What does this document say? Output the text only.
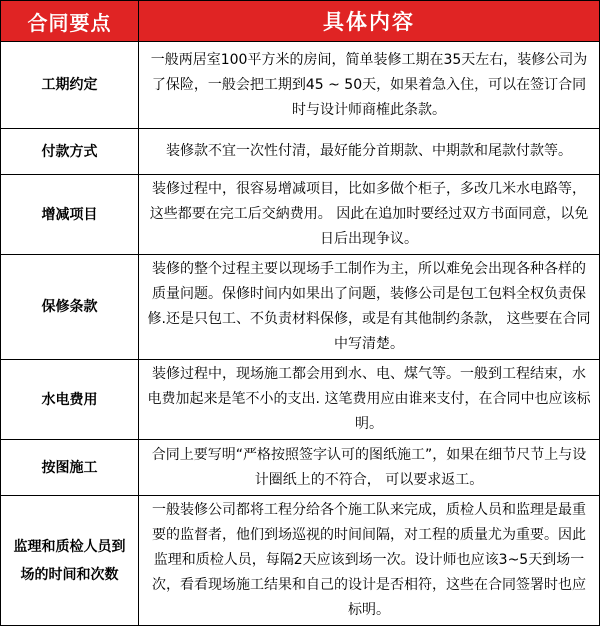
合同要点	具体内容
工期约定	一般两居室100平方米的房间，简单装修工期在35天左右，装修公司为了保险，一般会把工期到45 ~ 50天，如果着急入住，可以在签订合同时与设计师商榷此条款。
付款方式	装修款不宜一次性付清，最好能分首期款、中期款和尾款付款等。
增减项目	装修过程中，很容易增减项目，比如多做个柜子，多改几米水电路等，这些都要在完工后交納费用。 因此在追加时要经过双方书面同意，以免日后出现争议。
保修条款	装修的整个过程主要以现场手工制作为主，所以难免会出现各种各样的质量问题。保修时间内如果出了问题，装修公司是包工包料全权负责保修.还是只包工、不负责材料保修，或是有其他制约条款， 这些要在合同中写清楚。
水电费用	装修过程中，现场施工都会用到水、电、煤气等。一般到工程结束，水电费加起来是笔不小的支出. 这笔费用应由谁来支付，在合同中也应该标明。
按图施工	合同上要写明“严格按照签字认可的图纸施工”，如果在细节尺节上与设计圈纸上的不符合， 可以要求返工。
监理和质检人员到场的时间和次数	一般装修公司都将工程分给各个施工队来完成，质检人员和监理是最重要的监督者，他们到场巡视的时间间隔，对工程的质量尤为重要。因此监理和质检人员，每隔2天应该到场一次。设计师也应该3~5天到场一次，看看现场施工结果和自己的设计是否相符，这些在合同签署时也应标明。
